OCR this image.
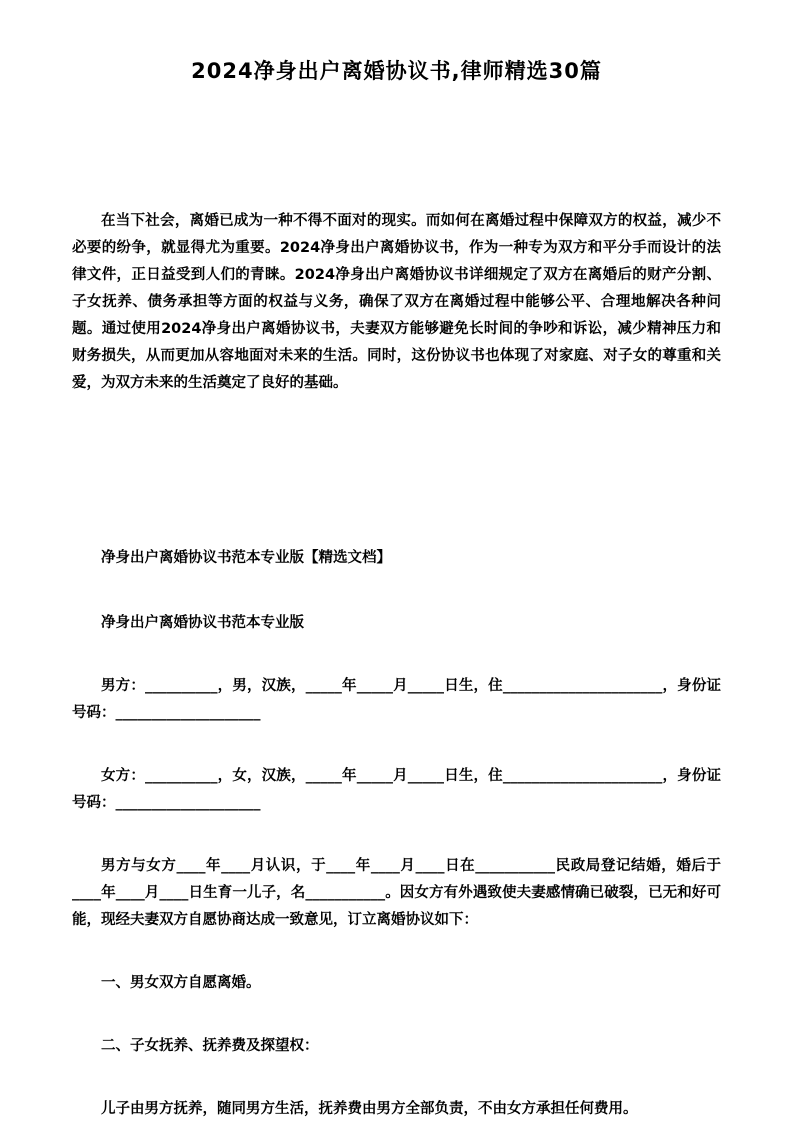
2024净身出户离婚协议书,律师精选30篇

在当下社会，离婚已成为一种不得不面对的现实。而如何在离婚过程中保障双方的权益，减少不必要的纷争，就显得尤为重要。2024净身出户离婚协议书，作为一种专为双方和平分手而设计的法律文件，正日益受到人们的青睐。2024净身出户离婚协议书详细规定了双方在离婚后的财产分割、子女抚养、债务承担等方面的权益与义务，确保了双方在离婚过程中能够公平、合理地解决各种问题。通过使用2024净身出户离婚协议书，夫妻双方能够避免长时间的争吵和诉讼，减少精神压力和财务损失，从而更加从容地面对未来的生活。同时，这份协议书也体现了对家庭、对子女的尊重和关爱，为双方未来的生活奠定了良好的基础。

净身出户离婚协议书范本专业版【精选文档】

净身出户离婚协议书范本专业版

男方：__________，男，汉族，_____年_____月_____日生，住______________________，身份证号码：____________________

女方：__________，女，汉族，_____年_____月_____日生，住______________________，身份证号码：____________________

男方与女方____年____月认识，于____年____月____日在___________民政局登记结婚，婚后于____年____月____日生育一儿子，名___________。因女方有外遇致使夫妻感情确已破裂，已无和好可能，现经夫妻双方自愿协商达成一致意见，订立离婚协议如下：

一、男女双方自愿离婚。

二、子女抚养、抚养费及探望权：

儿子由男方抚养，随同男方生活，抚养费由男方全部负责，不由女方承担任何费用。
